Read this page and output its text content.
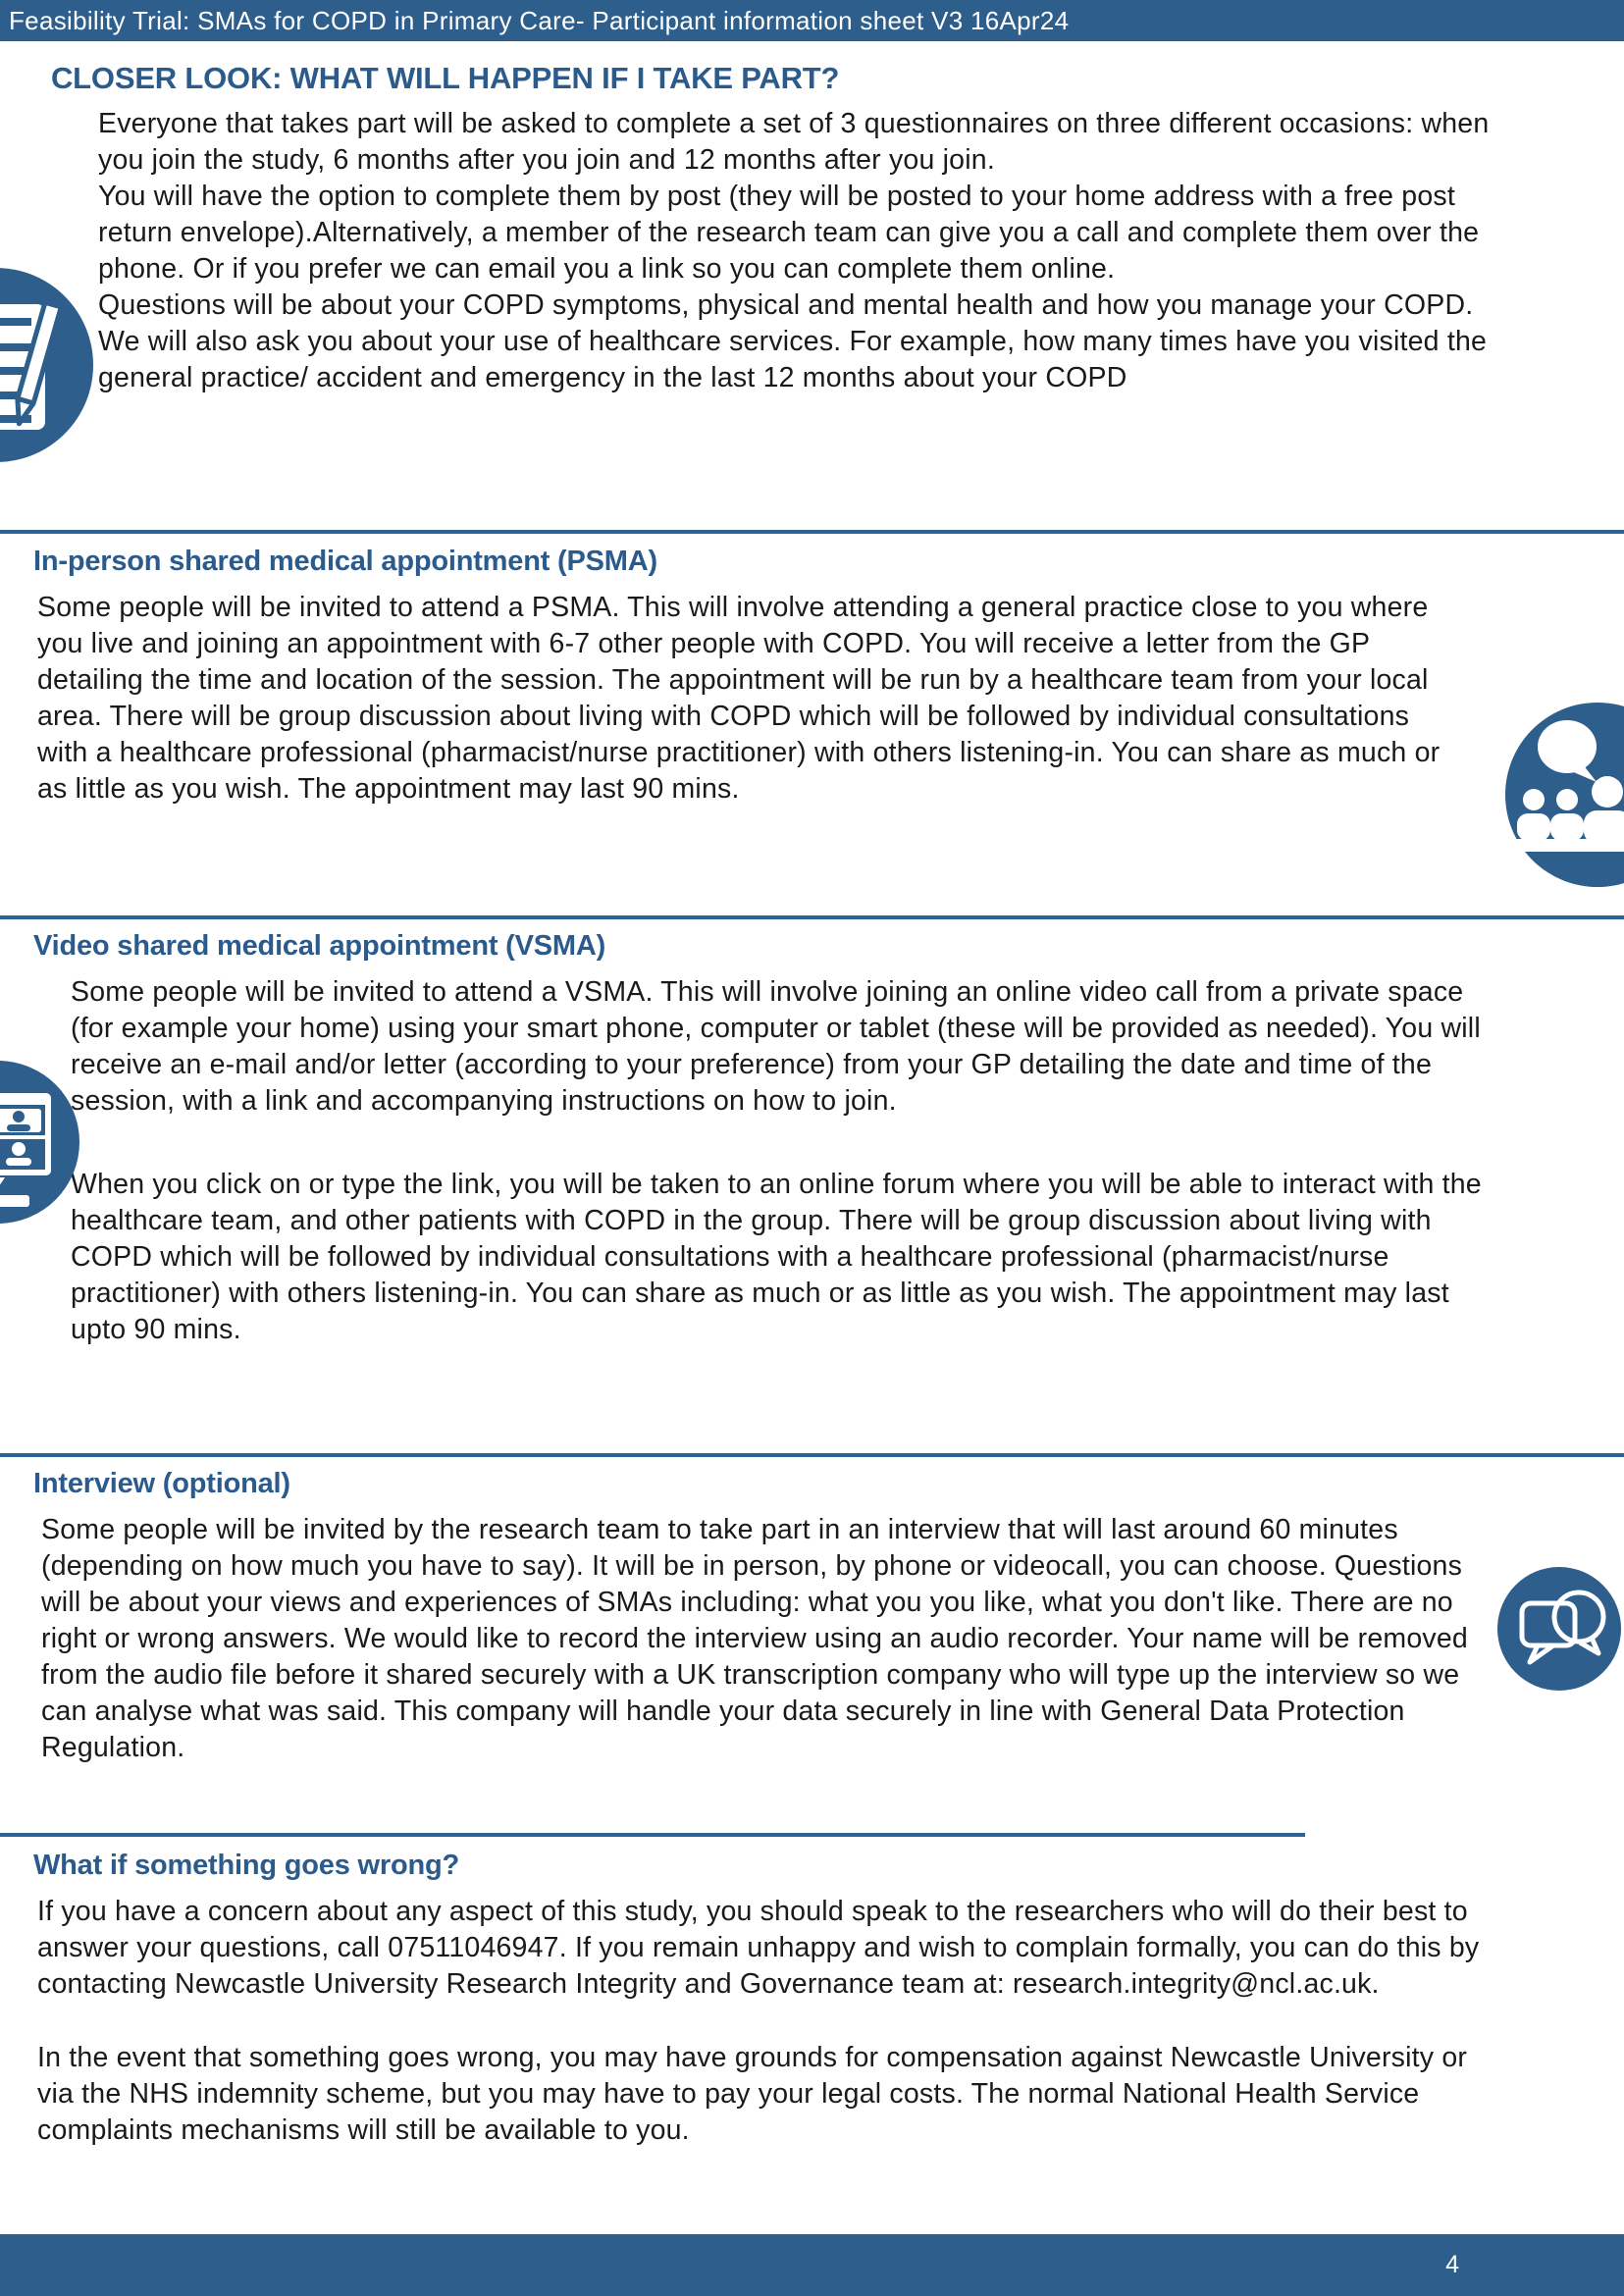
Feasibility Trial: SMAs for COPD in Primary Care- Participant information sheet V3 16Apr24
CLOSER LOOK: WHAT WILL HAPPEN IF I TAKE PART?

Everyone that takes part will be asked to complete a set of 3 questionnaires on three different occasions: when you join the study, 6 months after you join and 12 months after you join.

You will have the option to complete them by post (they will be posted to your home address with a free post return envelope).Alternatively, a member of the research team can give you a call and complete them over the phone. Or if you prefer we can email you a link so you can complete them online.

Questions will be about your COPD symptoms, physical and mental health and how you manage your COPD. We will also ask you about your use of healthcare services. For example, how many times have you visited the general practice/ accident and emergency in the last 12 months about your COPD

In-person shared medical appointment (PSMA)

Some people will be invited to attend a PSMA. This will involve attending a general practice close to you where you live and joining an appointment with 6-7 other people with COPD. You will receive a letter from the GP detailing the time and location of the session. The appointment will be run by a healthcare team from your local area. There will be group discussion about living with COPD which will be followed by individual consultations with a healthcare professional (pharmacist/nurse practitioner) with others listening-in. You can share as much or as little as you wish. The appointment may last 90 mins.

Video shared medical appointment (VSMA)

Some people will be invited to attend a VSMA. This will involve joining an online video call from a private space (for example your home) using your smart phone, computer or tablet (these will be provided as needed). You will receive an e-mail and/or letter (according to your preference) from your GP detailing the date and time of the session, with a link and accompanying instructions on how to join.

When you click on or type the link, you will be taken to an online forum where you will be able to interact with the healthcare team, and other patients with COPD in the group. There will be group discussion about living with COPD which will be followed by individual consultations with a healthcare professional (pharmacist/nurse practitioner) with others listening-in. You can share as much or as little as you wish. The appointment may last upto 90 mins.

Interview (optional)

Some people will be invited by the research team to take part in an interview that will last around 60 minutes (depending on how much you have to say). It will be in person, by phone or videocall, you can choose. Questions will be about your views and experiences of SMAs including: what you you like, what you don't like. There are no right or wrong answers. We would like to record the interview using an audio recorder. Your name will be removed from the audio file before it shared securely with a UK transcription company who will type up the interview so we can analyse what was said. This company will handle your data securely in line with General Data Protection Regulation.

What if something goes wrong?

If you have a concern about any aspect of this study, you should speak to the researchers who will do their best to answer your questions, call 07511046947. If you remain unhappy and wish to complain formally, you can do this by contacting Newcastle University Research Integrity and Governance team at: research.integrity@ncl.ac.uk.

In the event that something goes wrong, you may have grounds for compensation against Newcastle University or via the NHS indemnity scheme, but you may have to pay your legal costs. The normal National Health Service complaints mechanisms will still be available to you.

4
